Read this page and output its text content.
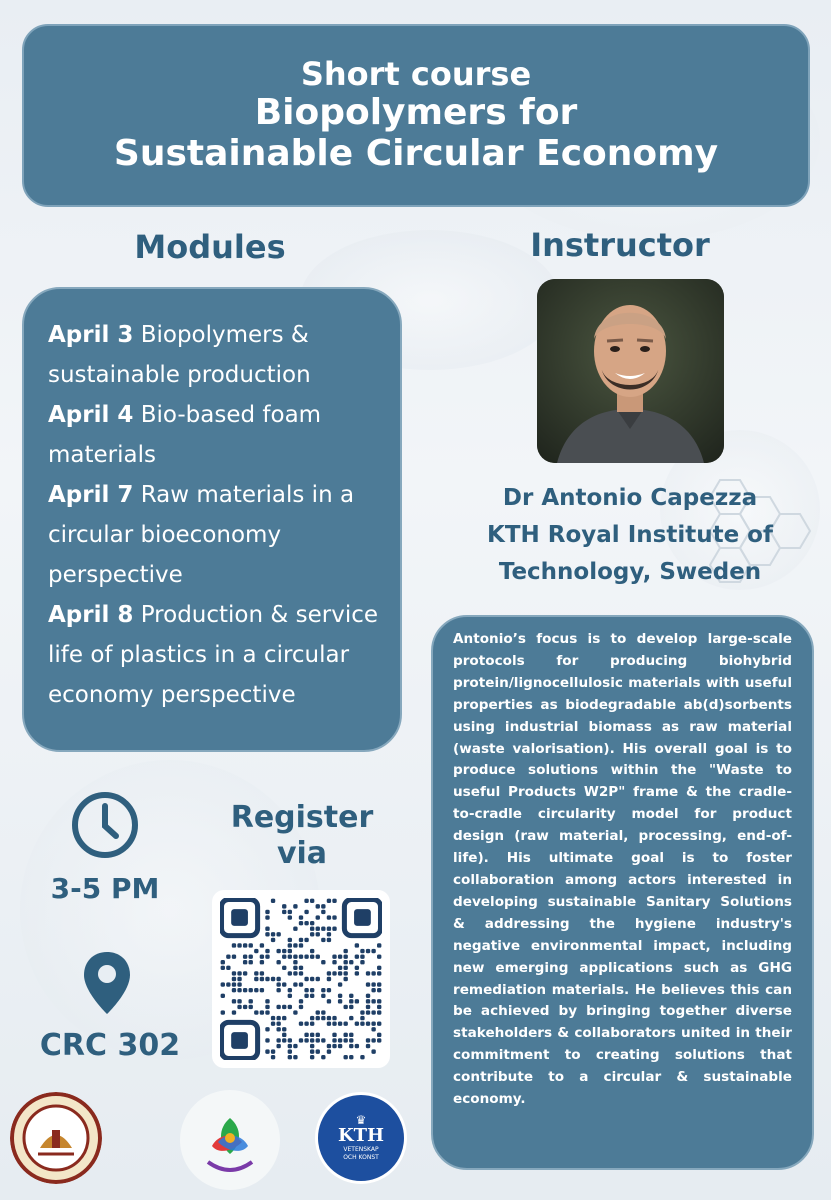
Short course
Biopolymers for
Sustainable Circular Economy
Modules
April 3 Biopolymers & sustainable production
April 4 Bio-based foam materials
April 7 Raw materials in a circular bioeconomy perspective
April 8 Production & service life of plastics in a circular economy perspective
Instructor
Dr Antonio Capezza
KTH Royal Institute of
Technology, Sweden

Antonio’s focus is to develop large-scale protocols for producing biohybrid protein/lignocellulosic materials with useful properties as biodegradable ab(d)sorbents using industrial biomass as raw material (waste valorisation). His overall goal is to produce solutions within the "Waste to useful Products W2P" frame & the cradle-to-cradle circularity model for product design (raw material, processing, end-of-life). His ultimate goal is to foster collaboration among actors interested in developing sustainable Sanitary Solutions & addressing the hygiene industry's negative environmental impact, including new emerging applications such as GHG remediation materials. He believes this can be achieved by bringing together diverse stakeholders & collaborators united in their commitment to creating solutions that contribute to a circular & sustainable economy.

3-5 PM
CRC 302
Register
via
♛
KTH
VETENSKAP
OCH KONST
